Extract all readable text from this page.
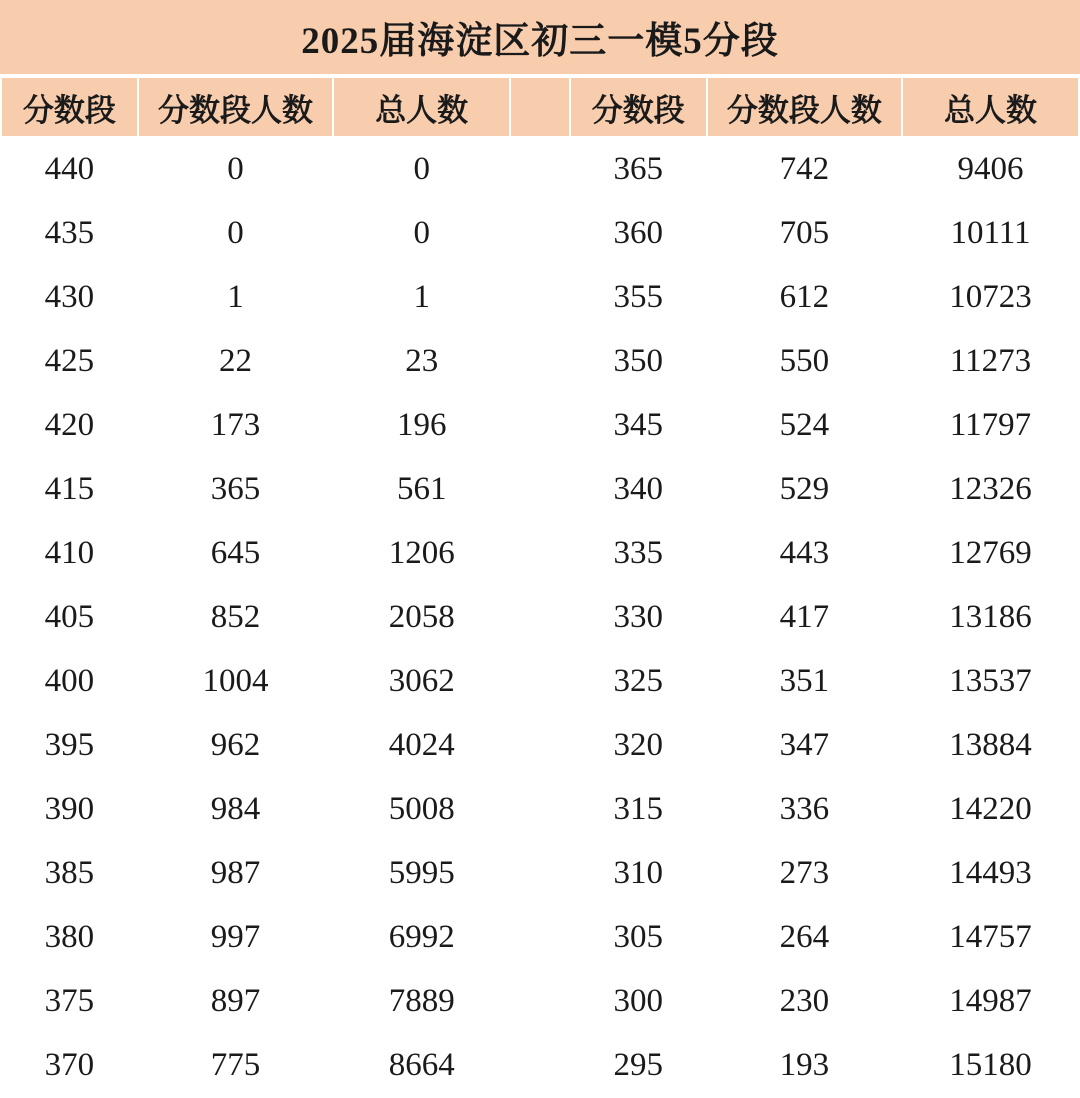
2025届海淀区初三一模5分段
分数段	分数段人数	总人数		分数段	分数段人数	总人数
440	0	0		365	742	9406
435	0	0		360	705	10111
430	1	1		355	612	10723
425	22	23		350	550	11273
420	173	196		345	524	11797
415	365	561		340	529	12326
410	645	1206		335	443	12769
405	852	2058		330	417	13186
400	1004	3062		325	351	13537
395	962	4024		320	347	13884
390	984	5008		315	336	14220
385	987	5995		310	273	14493
380	997	6992		305	264	14757
375	897	7889		300	230	14987
370	775	8664		295	193	15180
